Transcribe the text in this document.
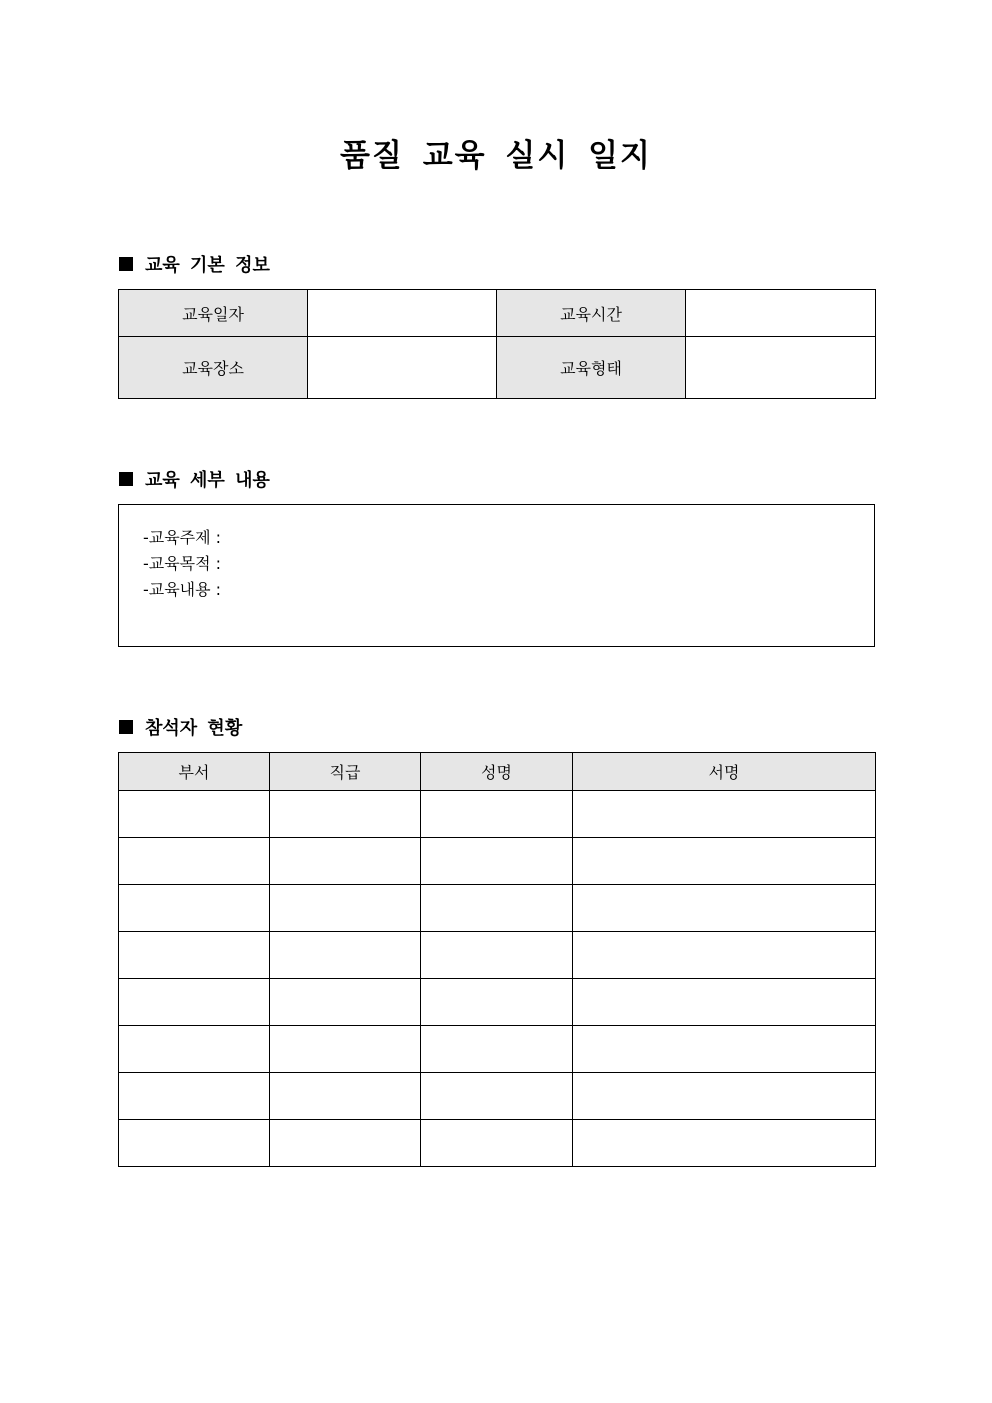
품질 교육 실시 일지
교육 기본 정보
교육일자		교육시간	
교육장소		교육형태	
교육 세부 내용
-교육주제 :
-교육목적 :
-교육내용 :
참석자 현황
부서	직급	성명	서명
